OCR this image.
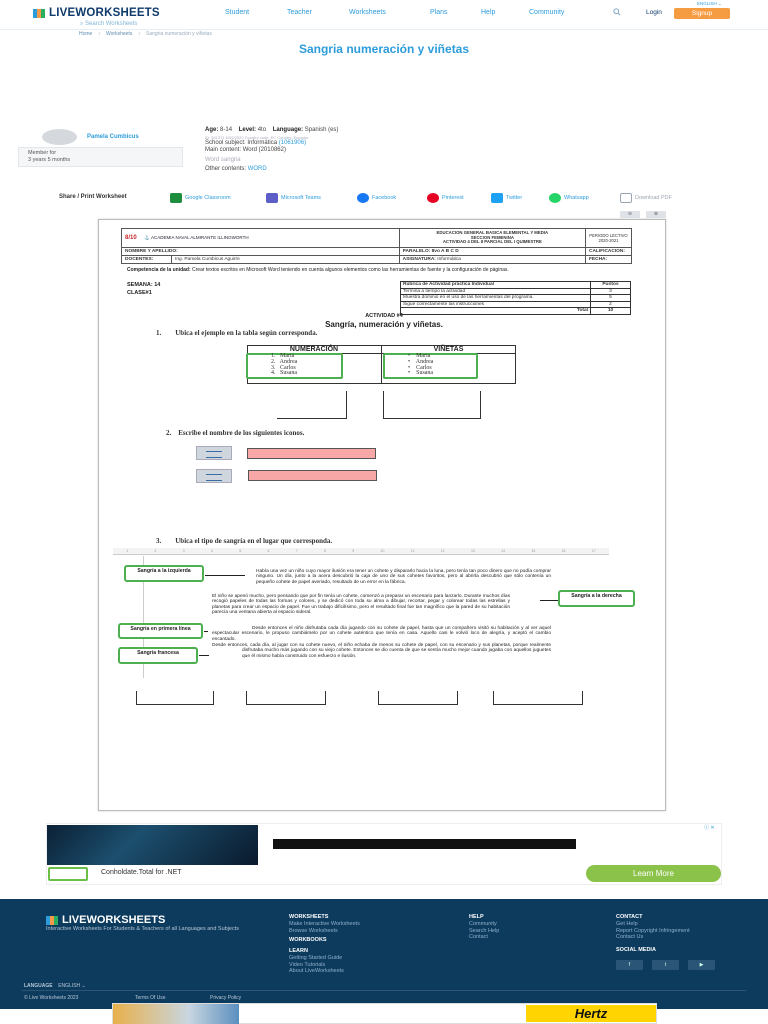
ENGLISH ⌄
LIVEWORKSHEETS	Student	Teacher	Worksheets	Plans	Help	Community	Login	Signup
⌕ Search Worksheets
Home › Worksheets › Sangria numeración y viñetas
Sangria numeración y viñetas
Pamela Cumbicus
Member for
3 years 5 months
Age: 8-14 Level: 4to Language: Spanish (es)
ID: 541371 6/09/2020 Country code: EC Country: Ecuador
School subject: Informática (1061906)
Main content: Word (2010862)
Word sangria
Other contents: WORD
Share / Print Worksheet	Google Classroom	Microsoft Teams	Facebook	Pinterest	Twitter	Whatsapp	Download PDF
⊖	⊕
8/10 ⚓ ACADEMIA NAVAL ALMIRANTE ILLINGWORTH		EDUCACION GENERAL BASICA ELEMENTAL Y MEDIA
SECCION FEMENINA
ACTIVIDAD 4 DEL II PARCIAL DEL I QUIMESTRE	PERIODO LECTIVO 2020-2021
NOMBRE Y APELLIDO:		PARALELO: 8vo A B C D	CALIFICACION:
DOCENTES:	Ing. Pamela Cumbicus Aguirre	ASIGNATURA: Informática	FECHA:
Competencia de la unidad: Crear textos escritos en Microsoft Word teniendo en cuenta algunos elementos como las herramientas de fuente y la configuración de páginas.
SEMANA: 14
CLASE#1
Rúbrica de Actividad práctica Individual	Puntos
Termina a tiempo la actividad	3
Muestra dominio en el uso de las herramientas del programa.	5
Sigue correctamente las instrucciones	2
Total	10
ACTIVIDAD #4
Sangría, numeración y viñetas.
1.        Ubica el ejemplo en la tabla según corresponda.
NUMERACIÓN	VIÑETAS
1.   Maria
2.   Andrea
3.   Carlos
4.   Susana
•    Maria
•    Andrea
•    Carlos
•    Susana
2.    Escribe el nombre de los siguientes iconos.
3.        Ubica el tipo de sangría en el lugar que corresponda.
1	2	3	4	5	6	7	8	9	10	11	12	13	14	15	16	17
Había una vez un niño cuyo mayor ilusión era tener un cohete y dispararlo hacia la luna, pero tenía tan poco dinero que no podía comprar ninguno. Un día, junto a la acera descubrió la caja de uno de sus cohetes favoritos, pero al abrirla descubrió que sólo contenía un pequeño cohete de papel averiado, resultado de un error en la fábrica.
El niño se apenó mucho, pero pensando que por fin tenía un cohete, comenzó a preparar un escenario para lanzarlo. Durante muchos días recogió papeles de todas las formas y colores, y se dedicó con toda su alma a dibujar, recortar, pegar y colorear todas las estrellas y planetas para crear un espacio de papel. Fue un trabajo dificilísimo, pero el resultado final fue tan magnífico que la pared de su habitación parecía una ventana abierta al espacio sideral.
Desde entonces el niño disfrutaba cada día jugando con su cohete de papel, hasta que un compañero visitó su habitación y al ver aquel espectacular escenario, le propuso cambiárselo por un cohete auténtico que tenía en casa. Aquello casi le volvió loco de alegría, y aceptó el cambio encantado.
Desde entonces, cada día, al jugar con su cohete nuevo, el niño echaba de menos su cohete de papel, con su escenario y sus planetas, porque realmente disfrutaba mucho más jugando con su viejo cohete. Entonces se dio cuenta de que se sentía mucho mejor cuando jugaba con aquellos juguetes que él mismo había construido con esfuerzo e ilusión.
Sangría a la izquierda
Sangría a la derecha
Sangría en primera línea
Sangría francesa
Conholdate.Total for .NET	Learn More
ⓘ ✕
LIVEWORKSHEETS
Interactive Worksheets For Students & Teachers of all Languages and Subjects
WORKSHEETS
Make Interactive Worksheets
Browse Worksheets
WORKBOOKS
LEARN
Getting Started Guide
Video Tutorials
About LiveWorksheets
HELP
Community
Search Help
Contact
CONTACT
Get Help
Report Copyright Infringement
Contact Us
SOCIAL MEDIA
f	t	▶
LANGUAGE ENGLISH ⌄
© Live Worksheets 2023	Terms Of Use	Privacy Policy
Hertz
